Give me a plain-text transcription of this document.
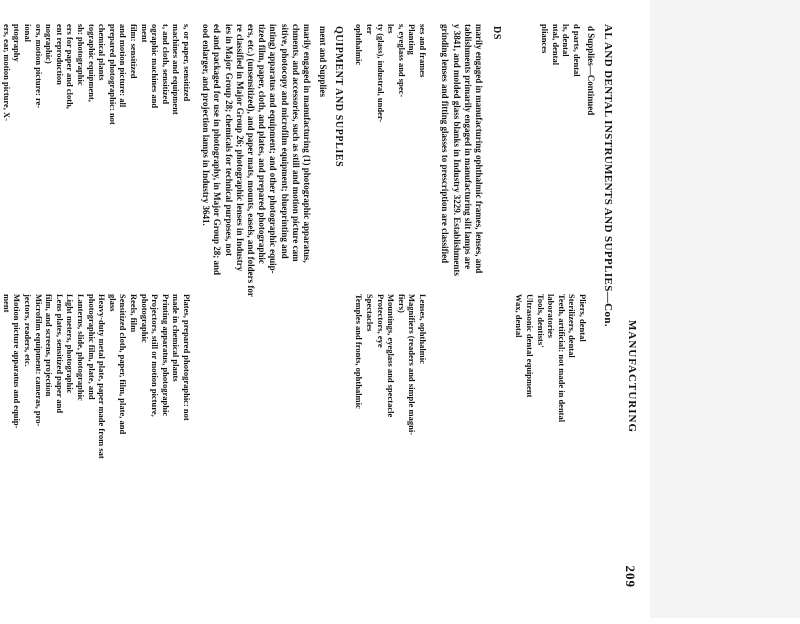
MANUFACTURING
209
AL AND DENTAL INSTRUMENTS AND SUPPLIES—Con.
d Supplies—Continued
d parts, dental
ls, dental
ntal, dental
pliances
Pliers, dental
Sterilizers, dental
Teeth, artificial: not made in dental
laboratories
Tools, dentists'
Ultrasonic dental equipment
Wax, dental
DS
marily engaged in manufacturing ophthalmic frames, lenses, and
tablishments primarily engaged in manufacturing slit lamps are
y 3841, and molded glass blanks in Industry 3229. Establishments
grinding lenses and fitting glasses to prescription are classified
ses and frames
Planting
s, eyeglass and spec-
les
ty (glass), industral, under-
ter
ophthalmic
Lenses, ophthalmic
Magnifiers (readers and simple magni-
fiers)
Mountings, eyeglass and spectacle
Protectors, eye
Spectacles
Temples and fronts, ophthalmic
QUIPMENT AND SUPPLIES
ment and Supplies
marily engaged in manufacturing (1) photographic apparatus,
chments, and accessories, such as still and motion picture cam
sitive, photocopy and microfilm equipment; blueprinting and
inting) apparatus and equipment; and other photographic equip-
tized film, paper, cloth, and plates, and prepared photographic
ers, etc.) (unsensitized), and paper mats, mounts, easels, and folders for
re classified in Major Group 26; photographic lenses in Industry
ies in Major Group 28; chemicals for technical purposes, not
ed and packaged for use in photography, in Major Group 28; and
ood enlarger, and projection lamps in Industry 3641.
s, or paper, sensitized
machines and equipment
t, and cloth, sensitized
ographic machines and
ment
film: sensitized
and motion picture: all
prepared photographic: not
chemical plants
tographic equipment,
sh: photographic
ers for paper and cloth,
ent reproduction
nographic)
ors, motion picture: re-
ional
ptography
ers, ear, motion picture, X-
Plates, prepared photographic: not
made in chemical plants
Printing apparatus, photographic
Projectors, still or motion picture,
photographic
Reels, film
Sensitized cloth, paper, film, plate, and
glass
Heavy-duty metal plate, paper made from sat
photographic film, plate, and
Lanterns, slide, photographic
Light meters, photographic
Lens plates, sensitized paper and
film, and screens, projection
Microfilm equipment: cameras, pro-
jectors, readers, etc.
Motion picture apparatus and equip-
ment
